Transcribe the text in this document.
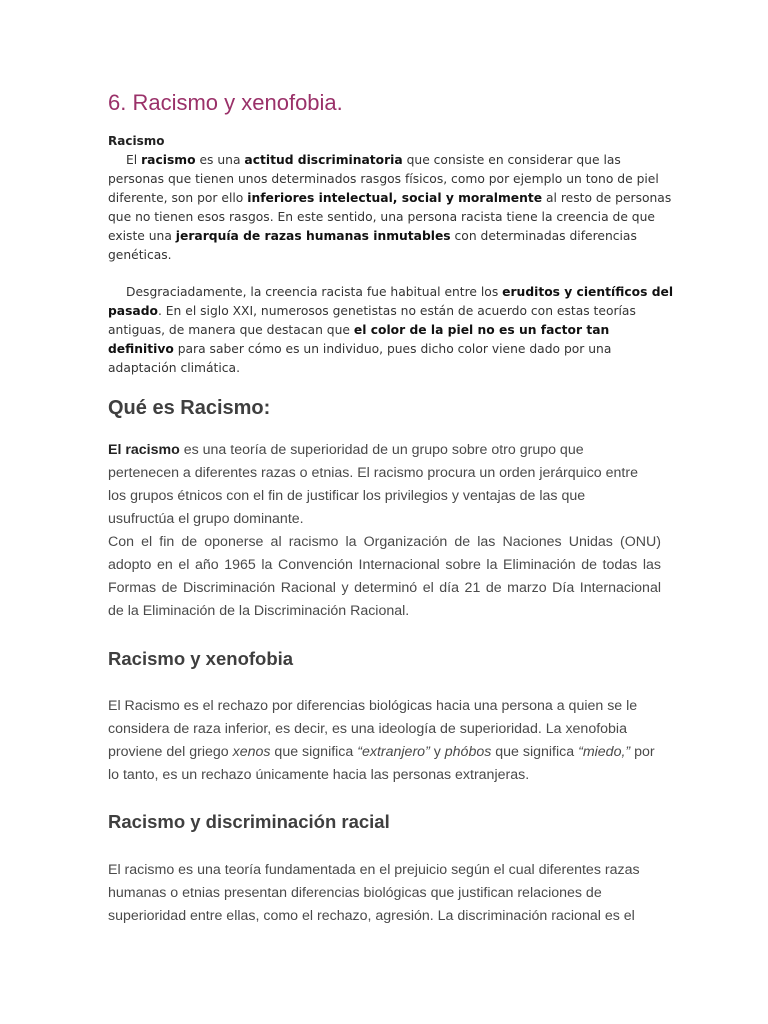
6. Racismo y xenofobia.
Racismo
El racismo es una actitud discriminatoria que consiste en considerar que las
personas que tienen unos determinados rasgos físicos, como por ejemplo un tono de piel
diferente, son por ello inferiores intelectual, social y moralmente al resto de personas
que no tienen esos rasgos. En este sentido, una persona racista tiene la creencia de que
existe una jerarquía de razas humanas inmutables con determinadas diferencias
genéticas.
Desgraciadamente, la creencia racista fue habitual entre los eruditos y científicos del
pasado. En el siglo XXI, numerosos genetistas no están de acuerdo con estas teorías
antiguas, de manera que destacan que el color de la piel no es un factor tan
definitivo para saber cómo es un individuo, pues dicho color viene dado por una
adaptación climática.
Qué es Racismo:
El racismo es una teoría de superioridad de un grupo sobre otro grupo que
pertenecen a diferentes razas o etnias. El racismo procura un orden jerárquico entre
los grupos étnicos con el fin de justificar los privilegios y ventajas de las que
usufructúa el grupo dominante.
Con el fin de oponerse al racismo la Organización de las Naciones Unidas (ONU)
adopto en el año 1965 la Convención Internacional sobre la Eliminación de todas las
Formas de Discriminación Racional y determinó el día 21 de marzo Día Internacional
de la Eliminación de la Discriminación Racional.
Racismo y xenofobia
El Racismo es el rechazo por diferencias biológicas hacia una persona a quien se le
considera de raza inferior, es decir, es una ideología de superioridad. La xenofobia
proviene del griego xenos que significa “extranjero” y phóbos que significa “miedo,” por
lo tanto, es un rechazo únicamente hacia las personas extranjeras.
Racismo y discriminación racial
El racismo es una teoría fundamentada en el prejuicio según el cual diferentes razas
humanas o etnias presentan diferencias biológicas que justifican relaciones de
superioridad entre ellas, como el rechazo, agresión. La discriminación racional es el
